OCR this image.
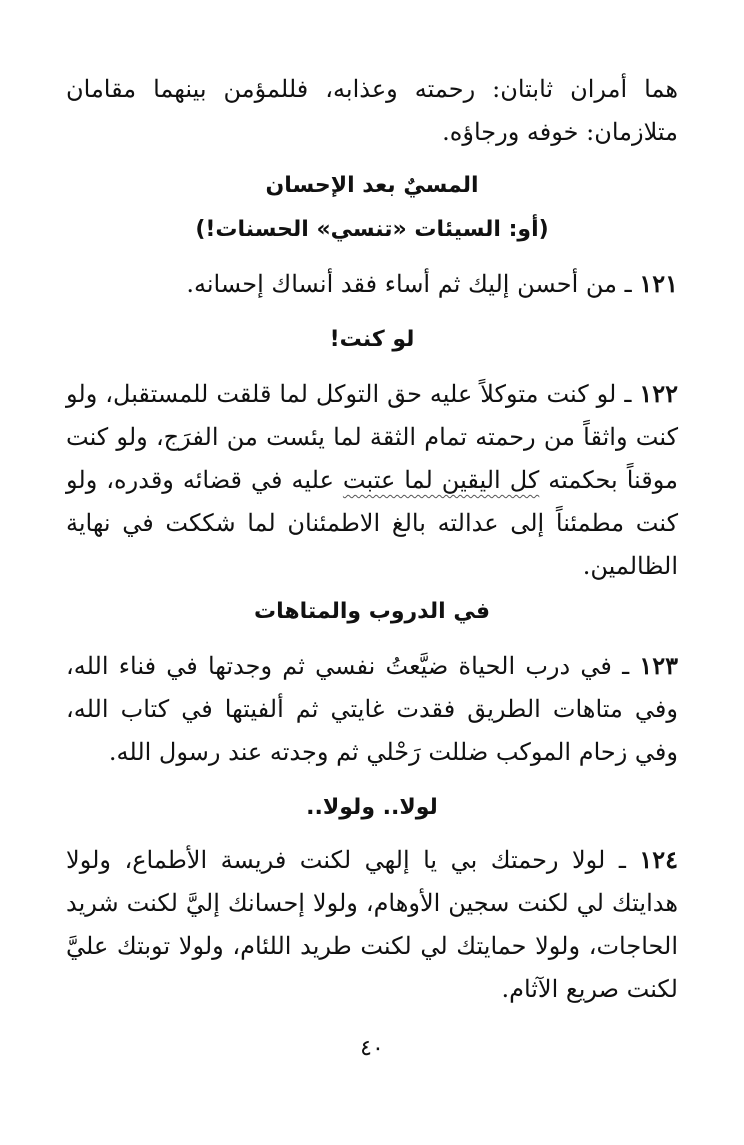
هما أمران ثابتان: رحمته وعذابه، فللمؤمن بينهما مقامان متلازمان: خوفه ورجاؤه.

المسيٌ بعد الإحسان
(أو: السيئات «تنسي» الحسنات!)

١٢١ ـ من أحسن إليك ثم أساء فقد أنساك إحسانه.

لو كنت!

١٢٢ ـ لو كنت متوكلاً عليه حق التوكل لما قلقت للمستقبل، ولو كنت واثقاً من رحمته تمام الثقة لما يئست من الفرَج، ولو كنت موقناً بحكمته كل اليقين لما عتبت عليه في قضائه وقدره، ولو كنت مطمئناً إلى عدالته بالغ الاطمئنان لما شككت في نهاية الظالمين.

في الدروب والمتاهات

١٢٣ ـ في درب الحياة ضيَّعتُ نفسي ثم وجدتها في فناء الله، وفي متاهات الطريق فقدت غايتي ثم ألفيتها في كتاب الله، وفي زحام الموكب ضللت رَحْلي ثم وجدته عند رسول الله.

لولا.. ولولا..

١٢٤ ـ لولا رحمتك بي يا إلهي لكنت فريسة الأطماع، ولولا هدايتك لي لكنت سجين الأوهام، ولولا إحسانك إليَّ لكنت شريد الحاجات، ولولا حمايتك لي لكنت طريد اللئام، ولولا توبتك عليَّ لكنت صريع الآثام.

٤٠
